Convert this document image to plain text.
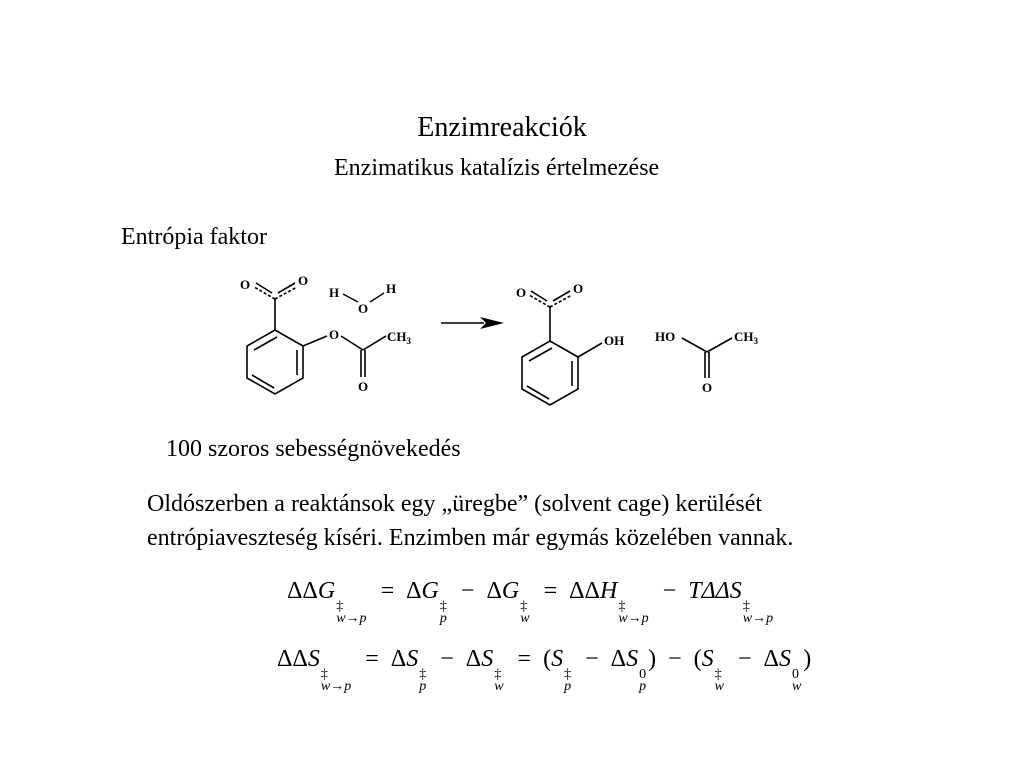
Enzimreakciók
Enzimatikus katalízis értelmezése
Entrópia faktor
O	O
O	$CH_3$
O
H	H
O
O	O
OH HO	$CH_3$
O
100 szoros sebességnövekedés
Oldószerben a reaktánsok egy „üregbe” (solvent cage) kerülését
entrópiaveszteség kíséri. Enzimben már egymás közelében vannak.
ΔΔG
‡
w→p
= ΔG
‡
p
− ΔG
‡
w
= ΔΔH
‡
w→p
− TΔΔS
‡
w→p
ΔΔS
‡
w→p
= ΔS
‡
p
− ΔS
‡
w
= (S
‡
p
− ΔS
0
p
) − (S
‡
w
− ΔS
0
w
)
